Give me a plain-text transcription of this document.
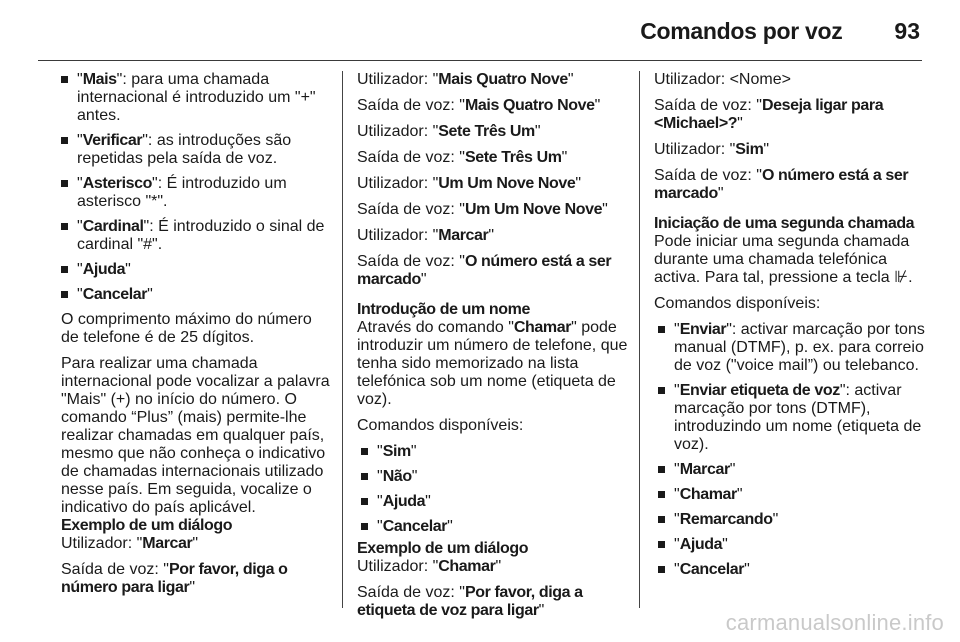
Comandos por voz 93
"Mais": para uma chamada internacional é introduzido um "+" antes.
"Verificar": as introduções são repetidas pela saída de voz.
"Asterisco": É introduzido um asterisco "*".
"Cardinal": É introduzido o sinal de cardinal "#".
"Ajuda"
"Cancelar"

O comprimento máximo do número de telefone é de 25 dígitos.

Para realizar uma chamada internacional pode vocalizar a palavra "Mais" (+) no início do número. O comando “Plus” (mais) permite-lhe realizar chamadas em qualquer país, mesmo que não conheça o indicativo de chamadas internacionais utilizado nesse país. Em seguida, vocalize o indicativo do país aplicável.

Exemplo de um diálogo

Utilizador: "Marcar"

Saída de voz: "Por favor, diga o número para ligar"

Utilizador: "Mais Quatro Nove"

Saída de voz: "Mais Quatro Nove"

Utilizador: "Sete Três Um"

Saída de voz: "Sete Três Um"

Utilizador: "Um Um Nove Nove"

Saída de voz: "Um Um Nove Nove"

Utilizador: "Marcar"

Saída de voz: "O número está a ser marcado"

Introdução de um nome

Através do comando "Chamar" pode introduzir um número de telefone, que tenha sido memorizado na lista telefónica sob um nome (etiqueta de voz).

Comandos disponíveis:

"Sim"
"Não"
"Ajuda"
"Cancelar"

Exemplo de um diálogo

Utilizador: "Chamar"

Saída de voz: "Por favor, diga a etiqueta de voz para ligar"

Utilizador: <Nome>

Saída de voz: "Deseja ligar para <Michael>?"

Utilizador: "Sim"

Saída de voz: "O número está a ser marcado"

Iniciação de uma segunda chamada

Pode iniciar uma segunda chamada durante uma chamada telefónica activa. Para tal, pressione a tecla ⊮.

Comandos disponíveis:

"Enviar": activar marcação por tons manual (DTMF), p. ex. para correio de voz ("voice mail”) ou telebanco.
"Enviar etiqueta de voz": activar marcação por tons (DTMF), introduzindo um nome (etiqueta de voz).
"Marcar"
"Chamar"
"Remarcando"
"Ajuda"
"Cancelar"
carmanualsonline.info
